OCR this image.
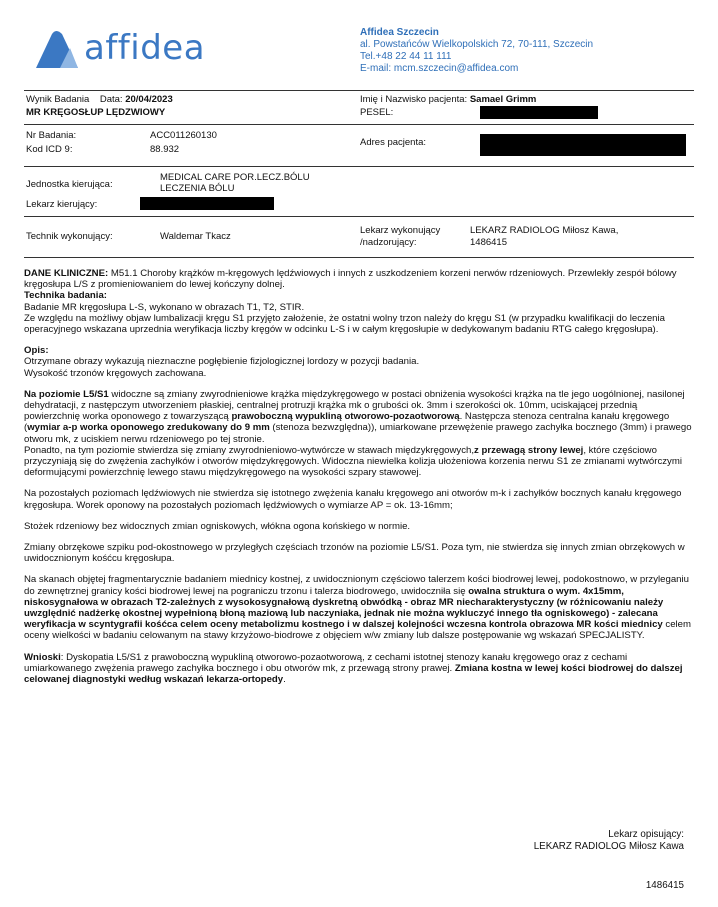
affidea	Affidea Szczecin
al. Powstańców Wielkopolskich 72, 70-111, Szczecin
Tel.+48 22 44 11 111
E-mail: mcm.szczecin@affidea.com
Wynik Badania Data: 20/04/2023
MR KRĘGOSŁUP LĘDZWIOWY
Imię i Nazwisko pacjenta: Samael Grimm
PESEL:
Nr Badania:	ACC011260130
Kod ICD 9:	88.932
Adres pacjenta:
Jednostka kierująca:
MEDICAL CARE POR.LECZ.BÓLU
LECZENIA BÓLU
Lekarz kierujący:
Technik wykonujący:	Waldemar Tkacz
Lekarz wykonujący
/nadzorujący:
LEKARZ RADIOLOG Miłosz Kawa,
1486415

DANE KLINICZNE: M51.1 Choroby krążków m-kręgowych lędźwiowych i innych z uszkodzeniem korzeni nerwów rdzeniowych. Przewlekły zespół bólowy kręgosłupa L/S z promieniowaniem do lewej kończyny dolnej.

Technika badania:

Badanie MR kręgosłupa L-S, wykonano w obrazach T1, T2, STIR.

Ze względu na możliwy objaw lumbalizacji kręgu S1 przyjęto założenie, że ostatni wolny trzon należy do kręgu S1 (w przypadku kwalifikacji do leczenia operacyjnego wskazana uprzednia weryfikacja liczby kręgów w odcinku L-S i w całym kręgosłupie w dedykowanym badaniu RTG całego kręgosłupa).

Opis:

Otrzymane obrazy wykazują nieznaczne pogłębienie fizjologicznej lordozy w pozycji badania.

Wysokość trzonów kręgowych zachowana.

Na poziomie L5/S1 widoczne są zmiany zwyrodnieniowe krążka międzykręgowego w postaci obniżenia wysokości krążka na tle jego uogólnionej, nasilonej dehydratacji, z następczym utworzeniem płaskiej, centralnej protruzji krążka mk o grubości ok. 3mm i szerokości ok. 10mm, uciskającej przednią powierzchnię worka oponowego z towarzyszącą prawoboczną wypukliną otworowo-pozaotworową. Następcza stenoza centralna kanału kręgowego (wymiar a-p worka oponowego zredukowany do 9 mm (stenoza bezwzględna)), umiarkowane przewężenie prawego zachyłka bocznego (3mm) i prawego otworu mk, z uciskiem nerwu rdzeniowego po tej stronie.

Ponadto, na tym poziomie stwierdza się zmiany zwyrodnieniowo-wytwórcze w stawach międzykręgowych,z przewagą strony lewej, które częściowo przyczyniają się do zwężenia zachyłków i otworów międzykręgowych. Widoczna niewielka kolizja ułożeniowa korzenia nerwu S1 ze zmianami wytwórczymi deformującymi powierzchnię lewego stawu międzykręgowego na wysokości szpary stawowej.

Na pozostałych poziomach lędźwiowych nie stwierdza się istotnego zwężenia kanału kręgowego ani otworów m-k i zachyłków bocznych kanału kręgowego kręgosłupa. Worek oponowy na pozostałych poziomach lędźwiowych o wymiarze AP = ok. 13-16mm;

Stożek rdzeniowy bez widocznych zmian ogniskowych, włókna ogona końskiego w normie.

Zmiany obrzękowe szpiku pod-okostnowego w przyległych częściach trzonów na poziomie L5/S1. Poza tym, nie stwierdza się innych zmian obrzękowych w uwidocznionym kośćcu kręgosłupa.

Na skanach objętej fragmentarycznie badaniem miednicy kostnej, z uwidocznionym częściowo talerzem kości biodrowej lewej, podokostnowo, w przyleganiu do zewnętrznej granicy kości biodrowej lewej na pograniczu trzonu i talerza biodrowego, uwidoczniła się owalna struktura o wym. 4x15mm, niskosygnałowa w obrazach T2-zależnych z wysokosygnałową dyskretną obwódką - obraz MR niecharakterystyczny (w różnicowaniu należy uwzględnić nadżerkę okostnej wypełnioną błoną maziową lub naczyniaka, jednak nie można wykluczyć innego tła ogniskowego) - zalecana weryfikacja w scyntygrafii kośćca celem oceny metabolizmu kostnego i w dalszej kolejności wczesna kontrola obrazowa MR kości miednicy celem oceny wielkości w badaniu celowanym na stawy krzyżowo-biodrowe z objęciem w/w zmiany lub dalsze postępowanie wg wskazań SPECJALISTY.

Wnioski: Dyskopatia L5/S1 z prawoboczną wypukliną otworowo-pozaotworową, z cechami istotnej stenozy kanału kręgowego oraz z cechami umiarkowanego zwężenia prawego zachyłka bocznego i obu otworów mk, z przewagą strony prawej. Zmiana kostna w lewej kości biodrowej do dalszej celowanej diagnostyki według wskazań lekarza-ortopedy.

Lekarz opisujący:
LEKARZ RADIOLOG Miłosz Kawa
1486415
